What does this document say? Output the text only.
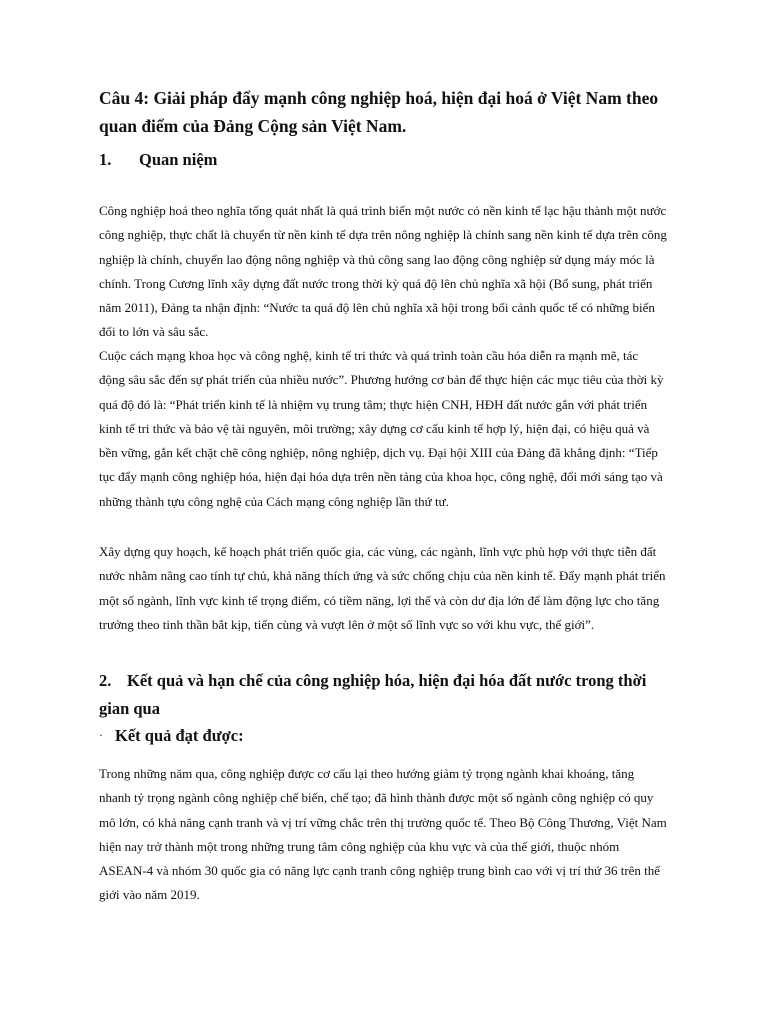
Câu 4: Giải pháp đẩy mạnh công nghiệp hoá, hiện đại hoá ở Việt Nam theo quan điểm của Đảng Cộng sản Việt Nam.
1. Quan niệm

Công nghiệp hoá theo nghĩa tổng quát nhất là quá trình biến một nước có nền kinh tế lạc hậu thành một nước công nghiệp, thực chất là chuyển từ nền kinh tế dựa trên nông nghiệp là chính sang nền kinh tế dựa trên công nghiệp là chính, chuyển lao động nông nghiệp và thủ công sang lao động công nghiệp sử dụng máy móc là chính. Trong Cương lĩnh xây dựng đất nước trong thời kỳ quá độ lên chủ nghĩa xã hội (Bổ sung, phát triển năm 2011), Đảng ta nhận định: “Nước ta quá độ lên chủ nghĩa xã hội trong bối cảnh quốc tế có những biến đổi to lớn và sâu sắc.

Cuộc cách mạng khoa học và công nghệ, kinh tế tri thức và quá trình toàn cầu hóa diễn ra mạnh mẽ, tác động sâu sắc đến sự phát triển của nhiều nước”. Phương hướng cơ bản để thực hiện các mục tiêu của thời kỳ quá độ đó là: “Phát triển kinh tế là nhiệm vụ trung tâm; thực hiện CNH, HĐH đất nước gắn với phát triển kinh tế tri thức và bảo vệ tài nguyên, môi trường; xây dựng cơ cấu kinh tế hợp lý, hiện đại, có hiệu quả và bền vững, gắn kết chặt chẽ công nghiệp, nông nghiệp, dịch vụ. Đại hội XIII của Đảng đã khẳng định: “Tiếp tục đẩy mạnh công nghiệp hóa, hiện đại hóa dựa trên nền tảng của khoa học, công nghệ, đổi mới sáng tạo và những thành tựu công nghệ của Cách mạng công nghiệp lần thứ tư.

Xây dựng quy hoạch, kế hoạch phát triển quốc gia, các vùng, các ngành, lĩnh vực phù hợp với thực tiễn đất nước nhằm nâng cao tính tự chủ, khả năng thích ứng và sức chống chịu của nền kinh tế. Đẩy mạnh phát triển một số ngành, lĩnh vực kinh tế trọng điểm, có tiềm năng, lợi thế và còn dư địa lớn để làm động lực cho tăng trưởng theo tinh thần bắt kịp, tiến cùng và vượt lên ở một số lĩnh vực so với khu vực, thế giới”.

2. Kết quả và hạn chế của công nghiệp hóa, hiện đại hóa đất nước trong thời gian qua
· Kết quả đạt được:

Trong những năm qua, công nghiệp được cơ cấu lại theo hướng giảm tỷ trọng ngành khai khoáng, tăng nhanh tỷ trọng ngành công nghiệp chế biến, chế tạo; đã hình thành được một số ngành công nghiệp có quy mô lớn, có khả năng cạnh tranh và vị trí vững chắc trên thị trường quốc tế. Theo Bộ Công Thương, Việt Nam hiện nay trở thành một trong những trung tâm công nghiệp của khu vực và của thế giới, thuộc nhóm ASEAN-4 và nhóm 30 quốc gia có năng lực cạnh tranh công nghiệp trung bình cao với vị trí thứ 36 trên thế giới vào năm 2019.
